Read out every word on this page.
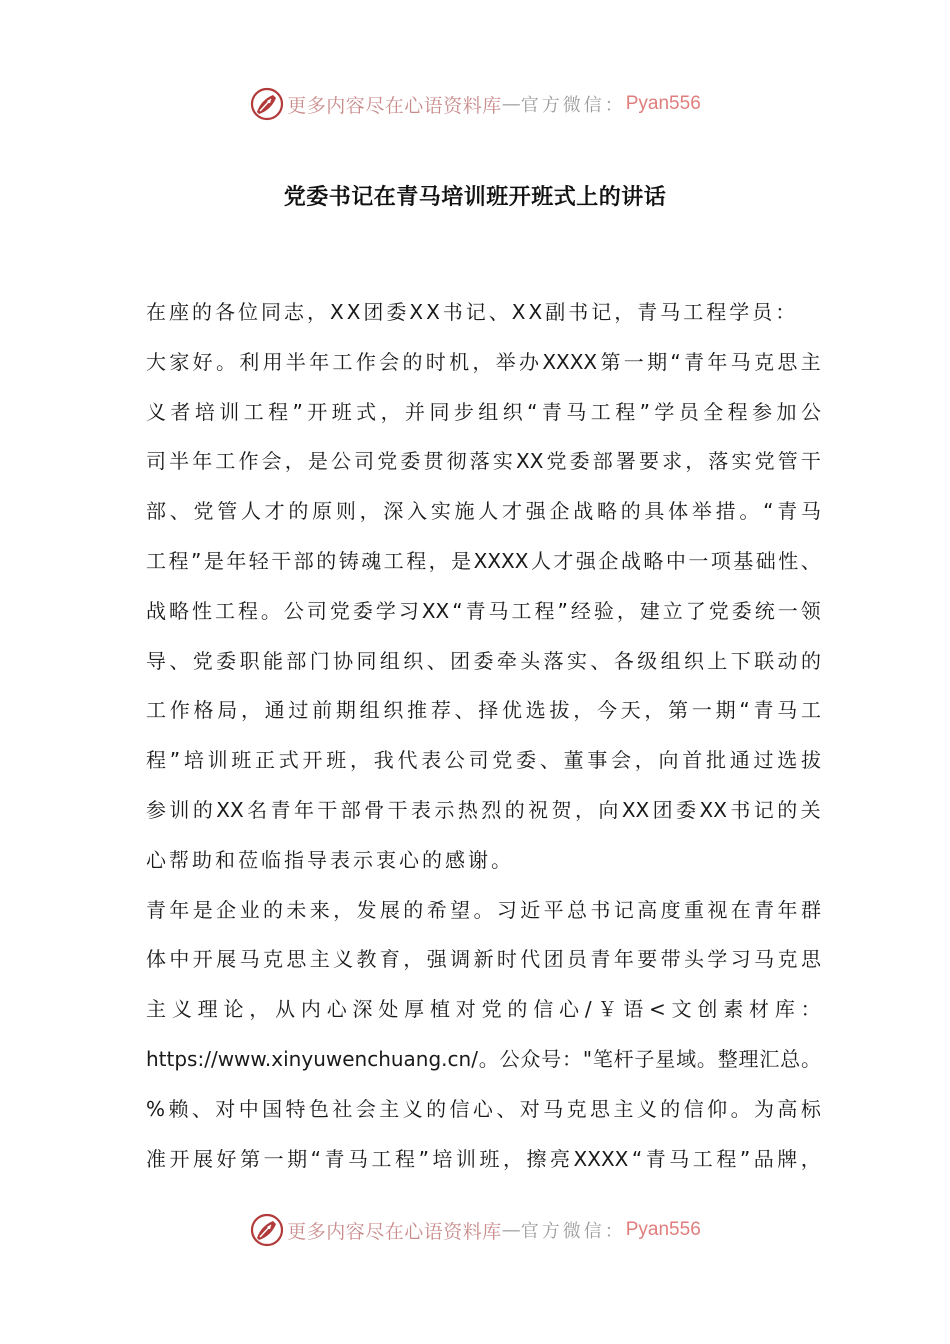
更多内容尽在心语资料库 — 官方微信： Pyan556
党委书记在青马培训班开班式上的讲话
在座的各位同志，XX团委XX书记、XX副书记，青马工程学员：
大 家 好 。 利 用 半 年 工 作 会 的 时 机 ， 举 办 XXXX 第 一 期 “ 青 年 马 克 思 主
义 者 培 训 工 程 ” 开 班 式 ， 并 同 步 组 织 “ 青 马 工 程 ” 学 员 全 程 参 加 公
司 半 年 工 作 会 ， 是 公 司 党 委 贯 彻 落 实 XX 党 委 部 署 要 求 ， 落 实 党 管 干
部 、 党 管 人 才 的 原 则 ， 深 入 实 施 人 才 强 企 战 略 的 具 体 举 措 。 “ 青 马
工 程 ” 是 年 轻 干 部 的 铸 魂 工 程 ， 是 XXXX 人 才 强 企 战 略 中 一 项 基 础 性 、
战 略 性 工 程 。 公 司 党 委 学 习 XX “ 青 马 工 程 ” 经 验 ， 建 立 了 党 委 统 一 领
导 、 党 委 职 能 部 门 协 同 组 织 、 团 委 牵 头 落 实 、 各 级 组 织 上 下 联 动 的
工 作 格 局 ， 通 过 前 期 组 织 推 荐 、 择 优 选 拔 ， 今 天 ， 第 一 期 “ 青 马 工
程 ” 培 训 班 正 式 开 班 ， 我 代 表 公 司 党 委 、 董 事 会 ， 向 首 批 通 过 选 拔
参 训 的 XX 名 青 年 干 部 骨 干 表 示 热 烈 的 祝 贺 ， 向 XX 团 委 XX 书 记 的 关
心帮助和莅临指导表示衷心的感谢。
青 年 是 企 业 的 未 来 ， 发 展 的 希 望 。 习 近 平 总 书 记 高 度 重 视 在 青 年 群
体 中 开 展 马 克 思 主 义 教 育 ， 强 调 新 时 代 团 员 青 年 要 带 头 学 习 马 克 思
主 义 理 论 ， 从 内 心 深 处 厚 植 对 党 的 信 心 / ￥ 语 < 文 创 素 材 库 ：
https://www.xinyuwenchuang.cn/ 。 公 众 号 ： " 笔 杆 子 星 域 。 整 理 汇 总 。
% 赖 、 对 中 国 特 色 社 会 主 义 的 信 心 、 对 马 克 思 主 义 的 信 仰 。 为 高 标
准 开 展 好 第 一 期 “ 青 马 工 程 ” 培 训 班 ， 擦 亮 XXXX “ 青 马 工 程 ” 品 牌 ，
更多内容尽在心语资料库 — 官方微信： Pyan556
